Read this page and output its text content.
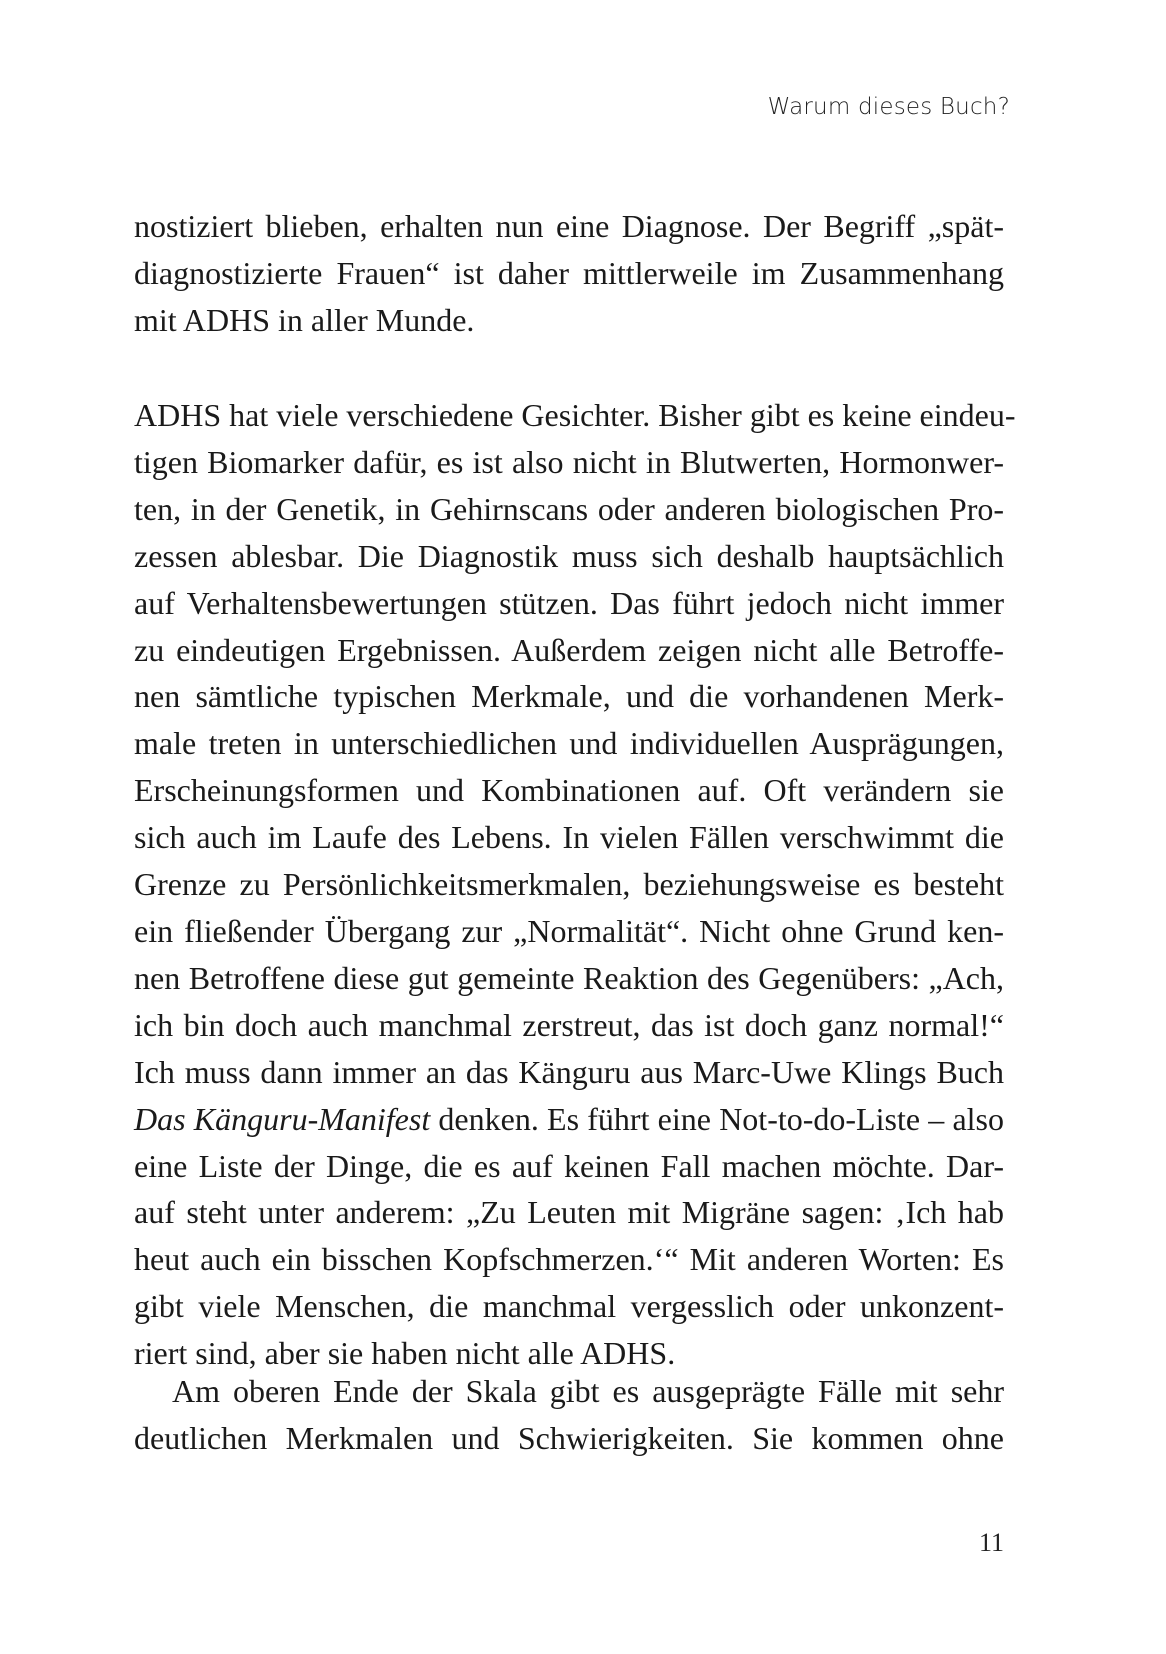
Warum dieses Buch?
nostiziert blieben, erhalten nun eine Diagnose. Der Begriff „spät-
diagnostizierte Frauen“ ist daher mittlerweile im Zusammenhang
mit ADHS in aller Munde.
ADHS hat viele verschiedene Gesichter. Bisher gibt es keine eindeu-
tigen Biomarker dafür, es ist also nicht in Blutwerten, Hormonwer-
ten, in der Genetik, in Gehirnscans oder anderen biologischen Pro-
zessen ablesbar. Die Diagnostik muss sich deshalb hauptsächlich
auf Verhaltensbewertungen stützen. Das führt jedoch nicht immer
zu eindeutigen Ergebnissen. Außerdem zeigen nicht alle Betroffe-
nen sämtliche typischen Merkmale, und die vorhandenen Merk-
male treten in unterschiedlichen und individuellen Ausprägungen,
Erscheinungsformen und Kombinationen auf. Oft verändern sie
sich auch im Laufe des Lebens. In vielen Fällen verschwimmt die
Grenze zu Persönlichkeitsmerkmalen, beziehungsweise es besteht
ein fließender Übergang zur „Normalität“. Nicht ohne Grund ken-
nen Betroffene diese gut gemeinte Reaktion des Gegenübers: „Ach,
ich bin doch auch manchmal zerstreut, das ist doch ganz normal!“
Ich muss dann immer an das Känguru aus Marc-Uwe Klings Buch
Das Känguru-Manifest denken. Es führt eine Not-to-do-Liste – also
eine Liste der Dinge, die es auf keinen Fall machen möchte. Dar-
auf steht unter anderem: „Zu Leuten mit Migräne sagen: ‚Ich hab
heut auch ein bisschen Kopfschmerzen.‘“ Mit anderen Worten: Es
gibt viele Menschen, die manchmal vergesslich oder unkonzent-
riert sind, aber sie haben nicht alle ADHS.
Am oberen Ende der Skala gibt es ausgeprägte Fälle mit sehr
deutlichen Merkmalen und Schwierigkeiten. Sie kommen ohne
11
